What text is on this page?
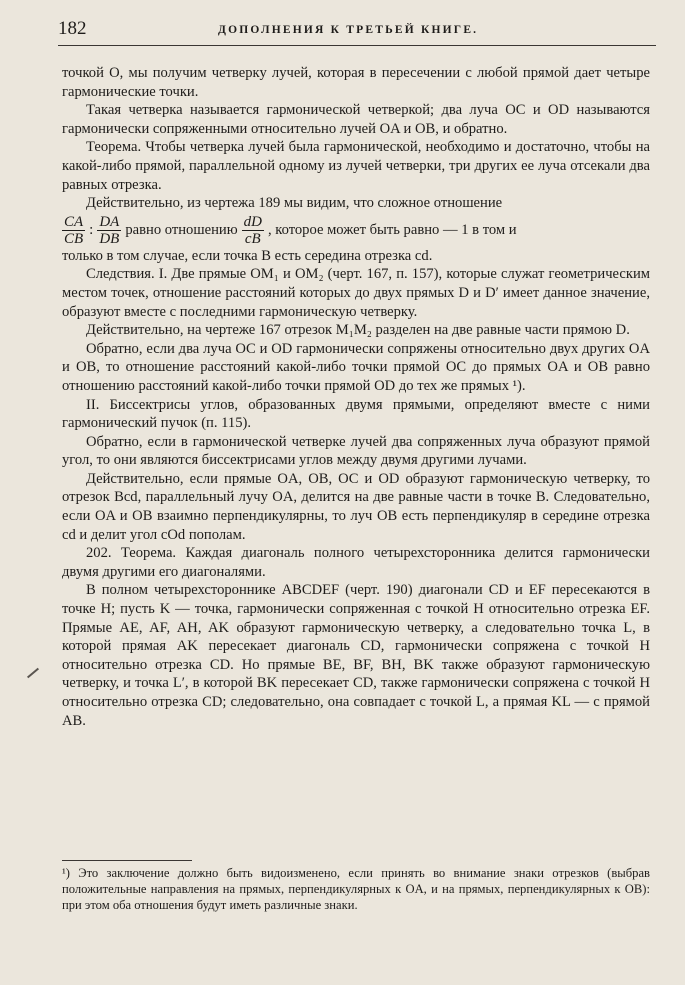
182	ДОПОЛНЕНИЯ К ТРЕТЬЕЙ КНИГЕ.

точкой O, мы получим четверку лучей, которая в пересечении с любой прямой дает четыре гармонические точки.

Такая четверка называется гармонической четверкой; два луча OC и OD называются гармонически сопряженными относительно лучей OA и OB, и обратно.

Теорема. Чтобы четверка лучей была гармонической, необходимо и достаточно, чтобы на какой-либо прямой, параллельной одному из лучей четверки, три других ее луча отсекали два равных отрезка.

Действительно, из чертежа 189 мы видим, что сложное отношение

$\frac{CA}{CB}$ : $\frac{DA}{DB}$ равно отношению $\frac{dD}{cB}$ , которое может быть равно — 1 в том и

только в том случае, если точка B есть середина отрезка cd.

Следствия. I. Две прямые OM₁ и OM₂ (черт. 167, п. 157), которые служат геометрическим местом точек, отношение расстояний которых до двух прямых D и D′ имеет данное значение, образуют вместе с последними гармоническую четверку.

Действительно, на чертеже 167 отрезок M₁M₂ разделен на две равные части прямою D.

Обратно, если два луча OC и OD гармонически сопряжены относительно двух других OA и OB, то отношение расстояний какой-либо точки прямой OC до прямых OA и OB равно отношению расстояний какой-либо точки прямой OD до тех же прямых ¹).

II. Биссектрисы углов, образованных двумя прямыми, определяют вместе с ними гармонический пучок (п. 115).

Обратно, если в гармонической четверке лучей два сопряженных луча образуют прямой угол, то они являются биссектрисами углов между двумя другими лучами.

Действительно, если прямые OA, OB, OC и OD образуют гармоническую четверку, то отрезок Bcd, параллельный лучу OA, делится на две равные части в точке B. Следовательно, если OA и OB взаимно перпендикулярны, то луч OB есть перпендикуляр в середине отрезка cd и делит угол cOd пополам.

202. Теорема. Каждая диагональ полного четырехсторонника делится гармонически двумя другими его диагоналями.

В полном четырехстороннике ABCDEF (черт. 190) диагонали CD и EF пересекаются в точке H; пусть K — точка, гармонически сопряженная с точкой H относительно отрезка EF. Прямые AE, AF, AH, AK образуют гармоническую четверку, а следовательно точка L, в которой прямая AK пересекает диагональ CD, гармонически сопряжена с точкой H относительно отрезка CD. Но прямые BE, BF, BH, BK также образуют гармоническую четверку, и точка L′, в которой BK пересекает CD, также гармонически сопряжена с точкой H относительно отрезка CD; следовательно, она совпадает с точкой L, а прямая KL — с прямой AB.

¹) Это заключение должно быть видоизменено, если принять во внимание знаки отрезков (выбрав положительные направления на прямых, перпендикулярных к OA, и на прямых, перпендикулярных к OB): при этом оба отношения будут иметь различные знаки.
